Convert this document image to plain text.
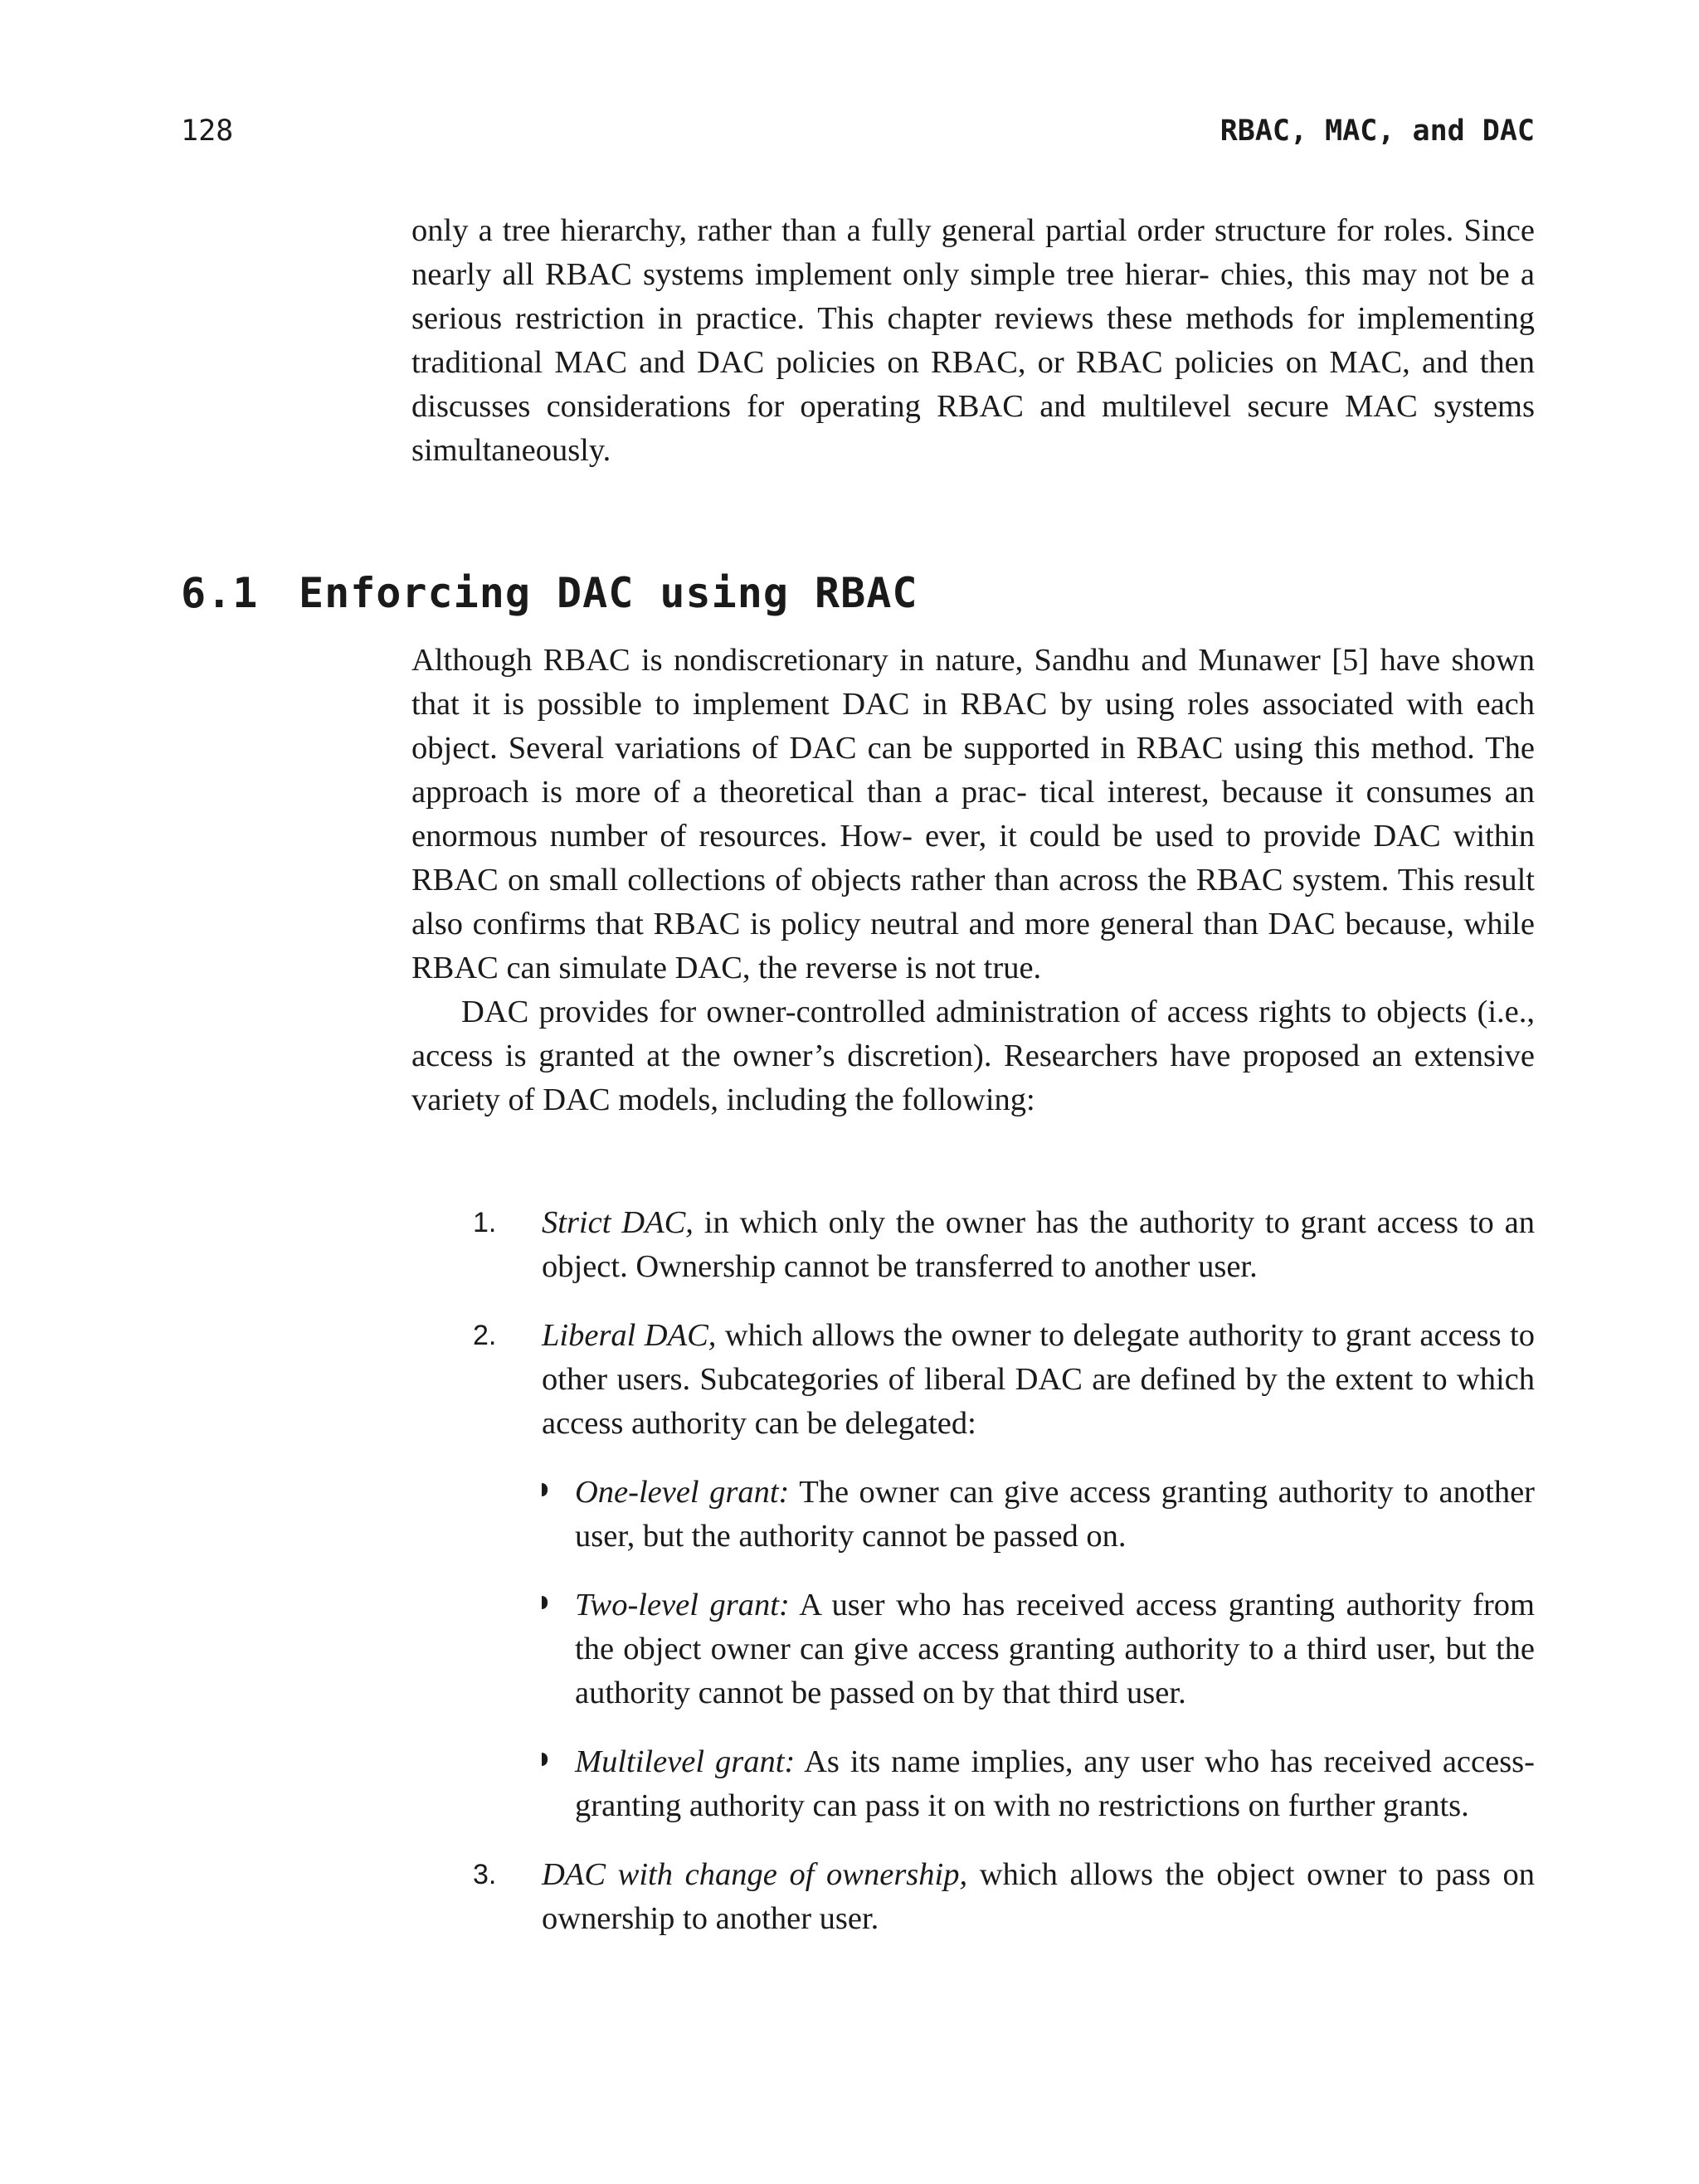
128	RBAC, MAC, and DAC

only a tree hierarchy, rather than a fully general partial order structure for roles. Since nearly all RBAC systems implement only simple tree hierar- chies, this may not be a serious restriction in practice. This chapter reviews these methods for implementing traditional MAC and DAC policies on RBAC, or RBAC policies on MAC, and then discusses considerations for operating RBAC and multilevel secure MAC systems simultaneously.

6.1 Enforcing DAC using RBAC

Although RBAC is nondiscretionary in nature, Sandhu and Munawer [5] have shown that it is possible to implement DAC in RBAC by using roles associated with each object. Several variations of DAC can be supported in RBAC using this method. The approach is more of a theoretical than a prac- tical interest, because it consumes an enormous number of resources. How- ever, it could be used to provide DAC within RBAC on small collections of objects rather than across the RBAC system. This result also confirms that RBAC is policy neutral and more general than DAC because, while RBAC can simulate DAC, the reverse is not true.

DAC provides for owner-controlled administration of access rights to objects (i.e., access is granted at the owner’s discretion). Researchers have proposed an extensive variety of DAC models, including the following:

1. Strict DAC, in which only the owner has the authority to grant access to an object. Ownership cannot be transferred to another user.
2. Liberal DAC, which allows the owner to delegate authority to grant access to other users. Subcategories of liberal DAC are defined by the extent to which access authority can be delegated:
One-level grant: The owner can give access granting authority to another user, but the authority cannot be passed on.
Two-level grant: A user who has received access granting authority from the object owner can give access granting authority to a third user, but the authority cannot be passed on by that third user.
Multilevel grant: As its name implies, any user who has received access-granting authority can pass it on with no restrictions on further grants.
3. DAC with change of ownership, which allows the object owner to pass on ownership to another user.
